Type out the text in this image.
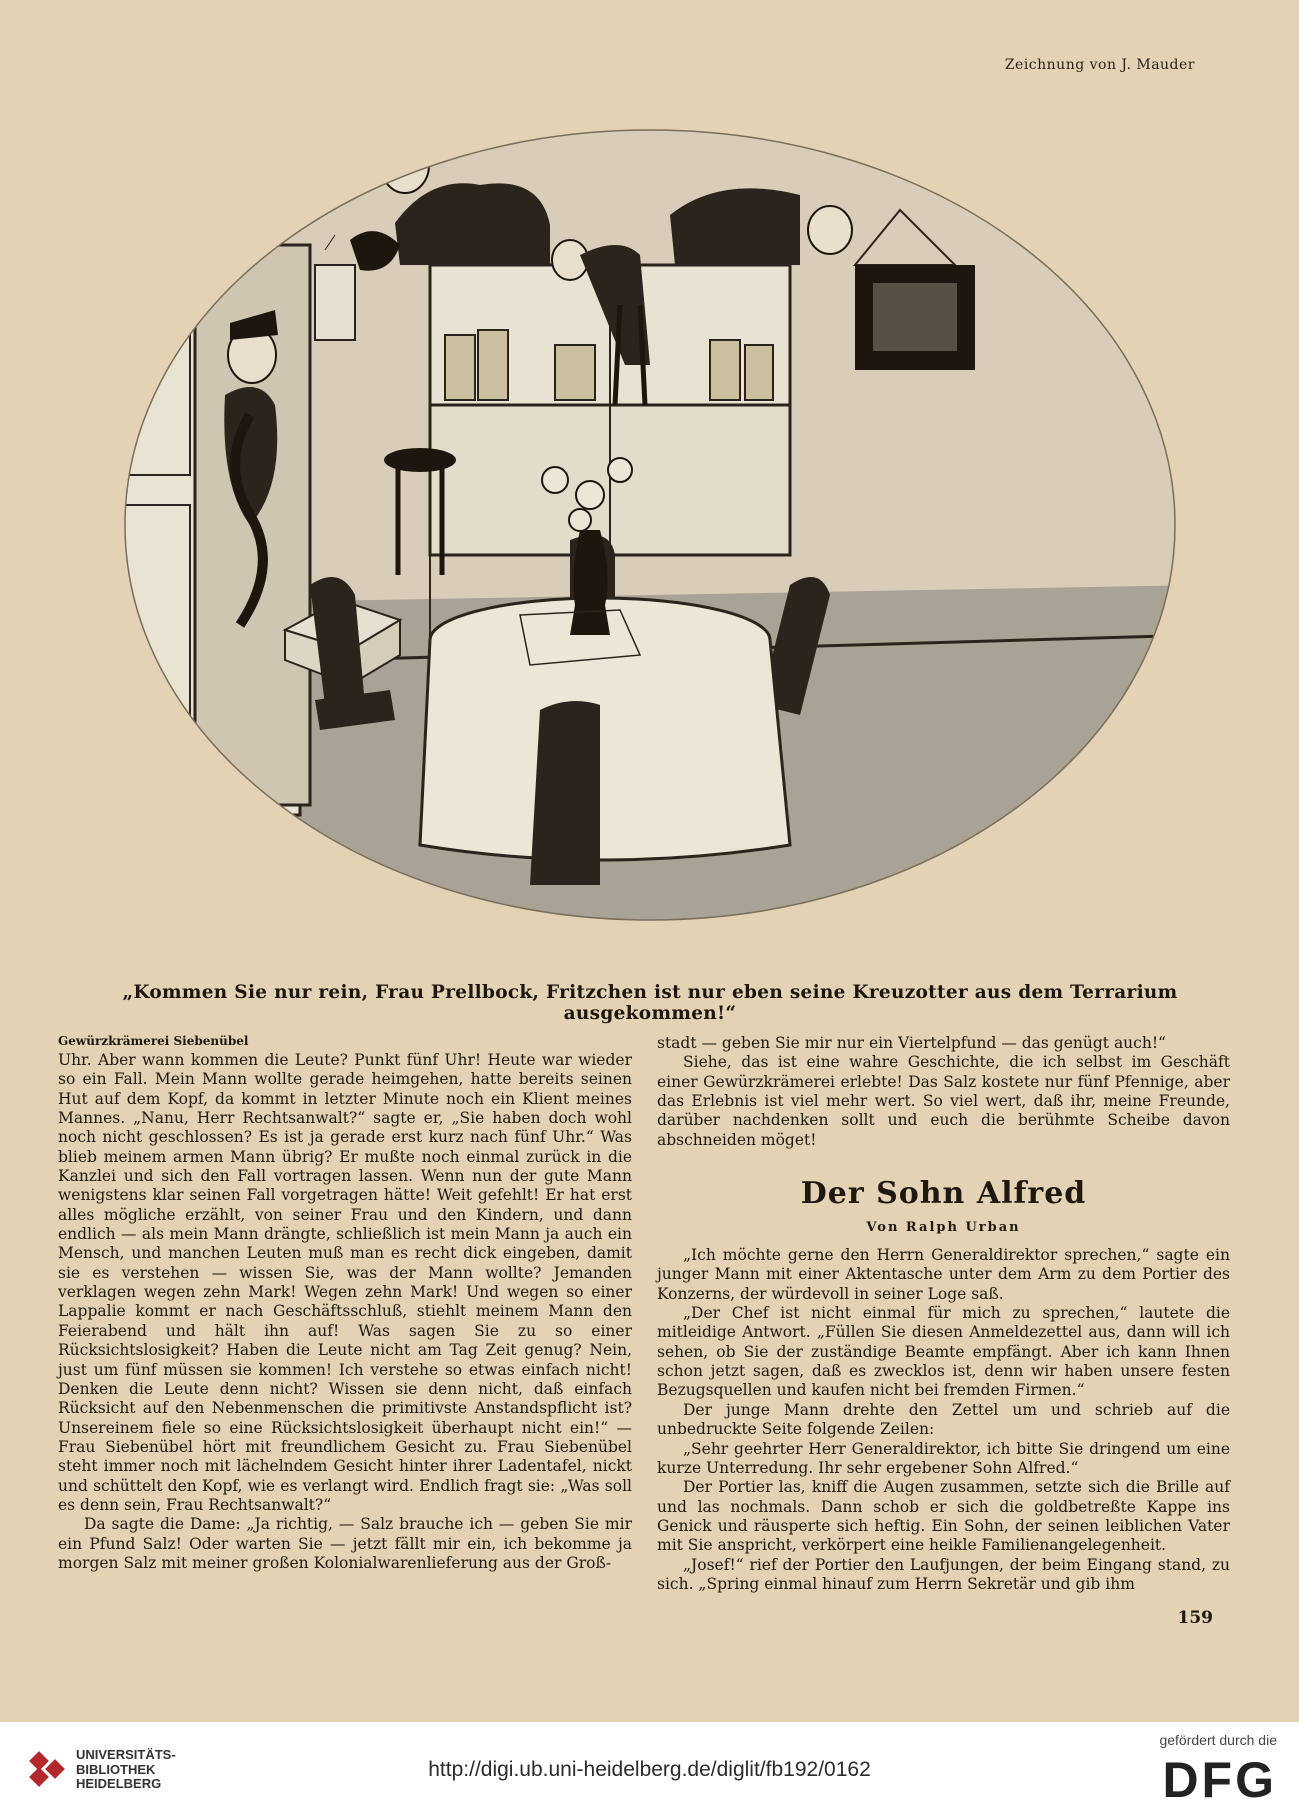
Zeichnung von J. Mauder
„Kommen Sie nur rein, Frau Prellbock, Fritzchen ist nur eben seine Kreuzotter aus dem Terrarium ausgekommen!“
Gewürzkrämerei Siebenübel

Uhr. Aber wann kommen die Leute? Punkt fünf Uhr! Heute war wieder so ein Fall. Mein Mann wollte gerade heimgehen, hatte bereits seinen Hut auf dem Kopf, da kommt in letzter Minute noch ein Klient meines Mannes. „Nanu, Herr Rechtsanwalt?“ sagte er, „Sie haben doch wohl noch nicht geschlossen? Es ist ja gerade erst kurz nach fünf Uhr.“ Was blieb meinem armen Mann übrig? Er mußte noch einmal zurück in die Kanzlei und sich den Fall vortragen lassen. Wenn nun der gute Mann wenigstens klar seinen Fall vorgetragen hätte! Weit gefehlt! Er hat erst alles mögliche erzählt, von seiner Frau und den Kindern, und dann endlich — als mein Mann drängte, schließlich ist mein Mann ja auch ein Mensch, und manchen Leuten muß man es recht dick eingeben, damit sie es verstehen — wissen Sie, was der Mann wollte? Jemanden verklagen wegen zehn Mark! Wegen zehn Mark! Und wegen so einer Lappalie kommt er nach Geschäftsschluß, stiehlt meinem Mann den Feierabend und hält ihn auf! Was sagen Sie zu so einer Rücksichtslosigkeit? Haben die Leute nicht am Tag Zeit genug? Nein, just um fünf müssen sie kommen! Ich verstehe so etwas einfach nicht! Denken die Leute denn nicht? Wissen sie denn nicht, daß einfach Rücksicht auf den Nebenmenschen die primitivste Anstandspflicht ist? Unsereinem fiele so eine Rücksichtslosigkeit überhaupt nicht ein!“ — Frau Siebenübel hört mit freundlichem Gesicht zu. Frau Siebenübel steht immer noch mit lächelndem Gesicht hinter ihrer Ladentafel, nickt und schüttelt den Kopf, wie es verlangt wird. Endlich fragt sie: „Was soll es denn sein, Frau Rechtsanwalt?“

Da sagte die Dame: „Ja richtig, — Salz brauche ich — geben Sie mir ein Pfund Salz! Oder warten Sie — jetzt fällt mir ein, ich bekomme ja morgen Salz mit meiner großen Kolonialwarenlieferung aus der Groß-

stadt — geben Sie mir nur ein Viertelpfund — das genügt auch!“

Siehe, das ist eine wahre Geschichte, die ich selbst im Geschäft einer Gewürzkrämerei erlebte! Das Salz kostete nur fünf Pfennige, aber das Erlebnis ist viel mehr wert. So viel wert, daß ihr, meine Freunde, darüber nachdenken sollt und euch die berühmte Scheibe davon abschneiden möget!

Der Sohn Alfred
Von Ralph Urban

„Ich möchte gerne den Herrn Generaldirektor sprechen,“ sagte ein junger Mann mit einer Aktentasche unter dem Arm zu dem Portier des Konzerns, der würdevoll in seiner Loge saß.

„Der Chef ist nicht einmal für mich zu sprechen,“ lautete die mitleidige Antwort. „Füllen Sie diesen Anmeldezettel aus, dann will ich sehen, ob Sie der zuständige Beamte empfängt. Aber ich kann Ihnen schon jetzt sagen, daß es zwecklos ist, denn wir haben unsere festen Bezugsquellen und kaufen nicht bei fremden Firmen.“

Der junge Mann drehte den Zettel um und schrieb auf die unbedruckte Seite folgende Zeilen:

„Sehr geehrter Herr Generaldirektor, ich bitte Sie dringend um eine kurze Unterredung. Ihr sehr ergebener Sohn Alfred.“

Der Portier las, kniff die Augen zusammen, setzte sich die Brille auf und las nochmals. Dann schob er sich die goldbetreßte Kappe ins Genick und räusperte sich heftig. Ein Sohn, der seinen leiblichen Vater mit Sie anspricht, verkörpert eine heikle Familienangelegenheit.

„Josef!“ rief der Portier den Laufjungen, der beim Eingang stand, zu sich. „Spring einmal hinauf zum Herrn Sekretär und gib ihm

159
UNIVERSITÄTS-
BIBLIOTHEK
HEIDELBERG
http://digi.ub.uni-heidelberg.de/diglit/fb192/0162
gefördert durch die
DFG
